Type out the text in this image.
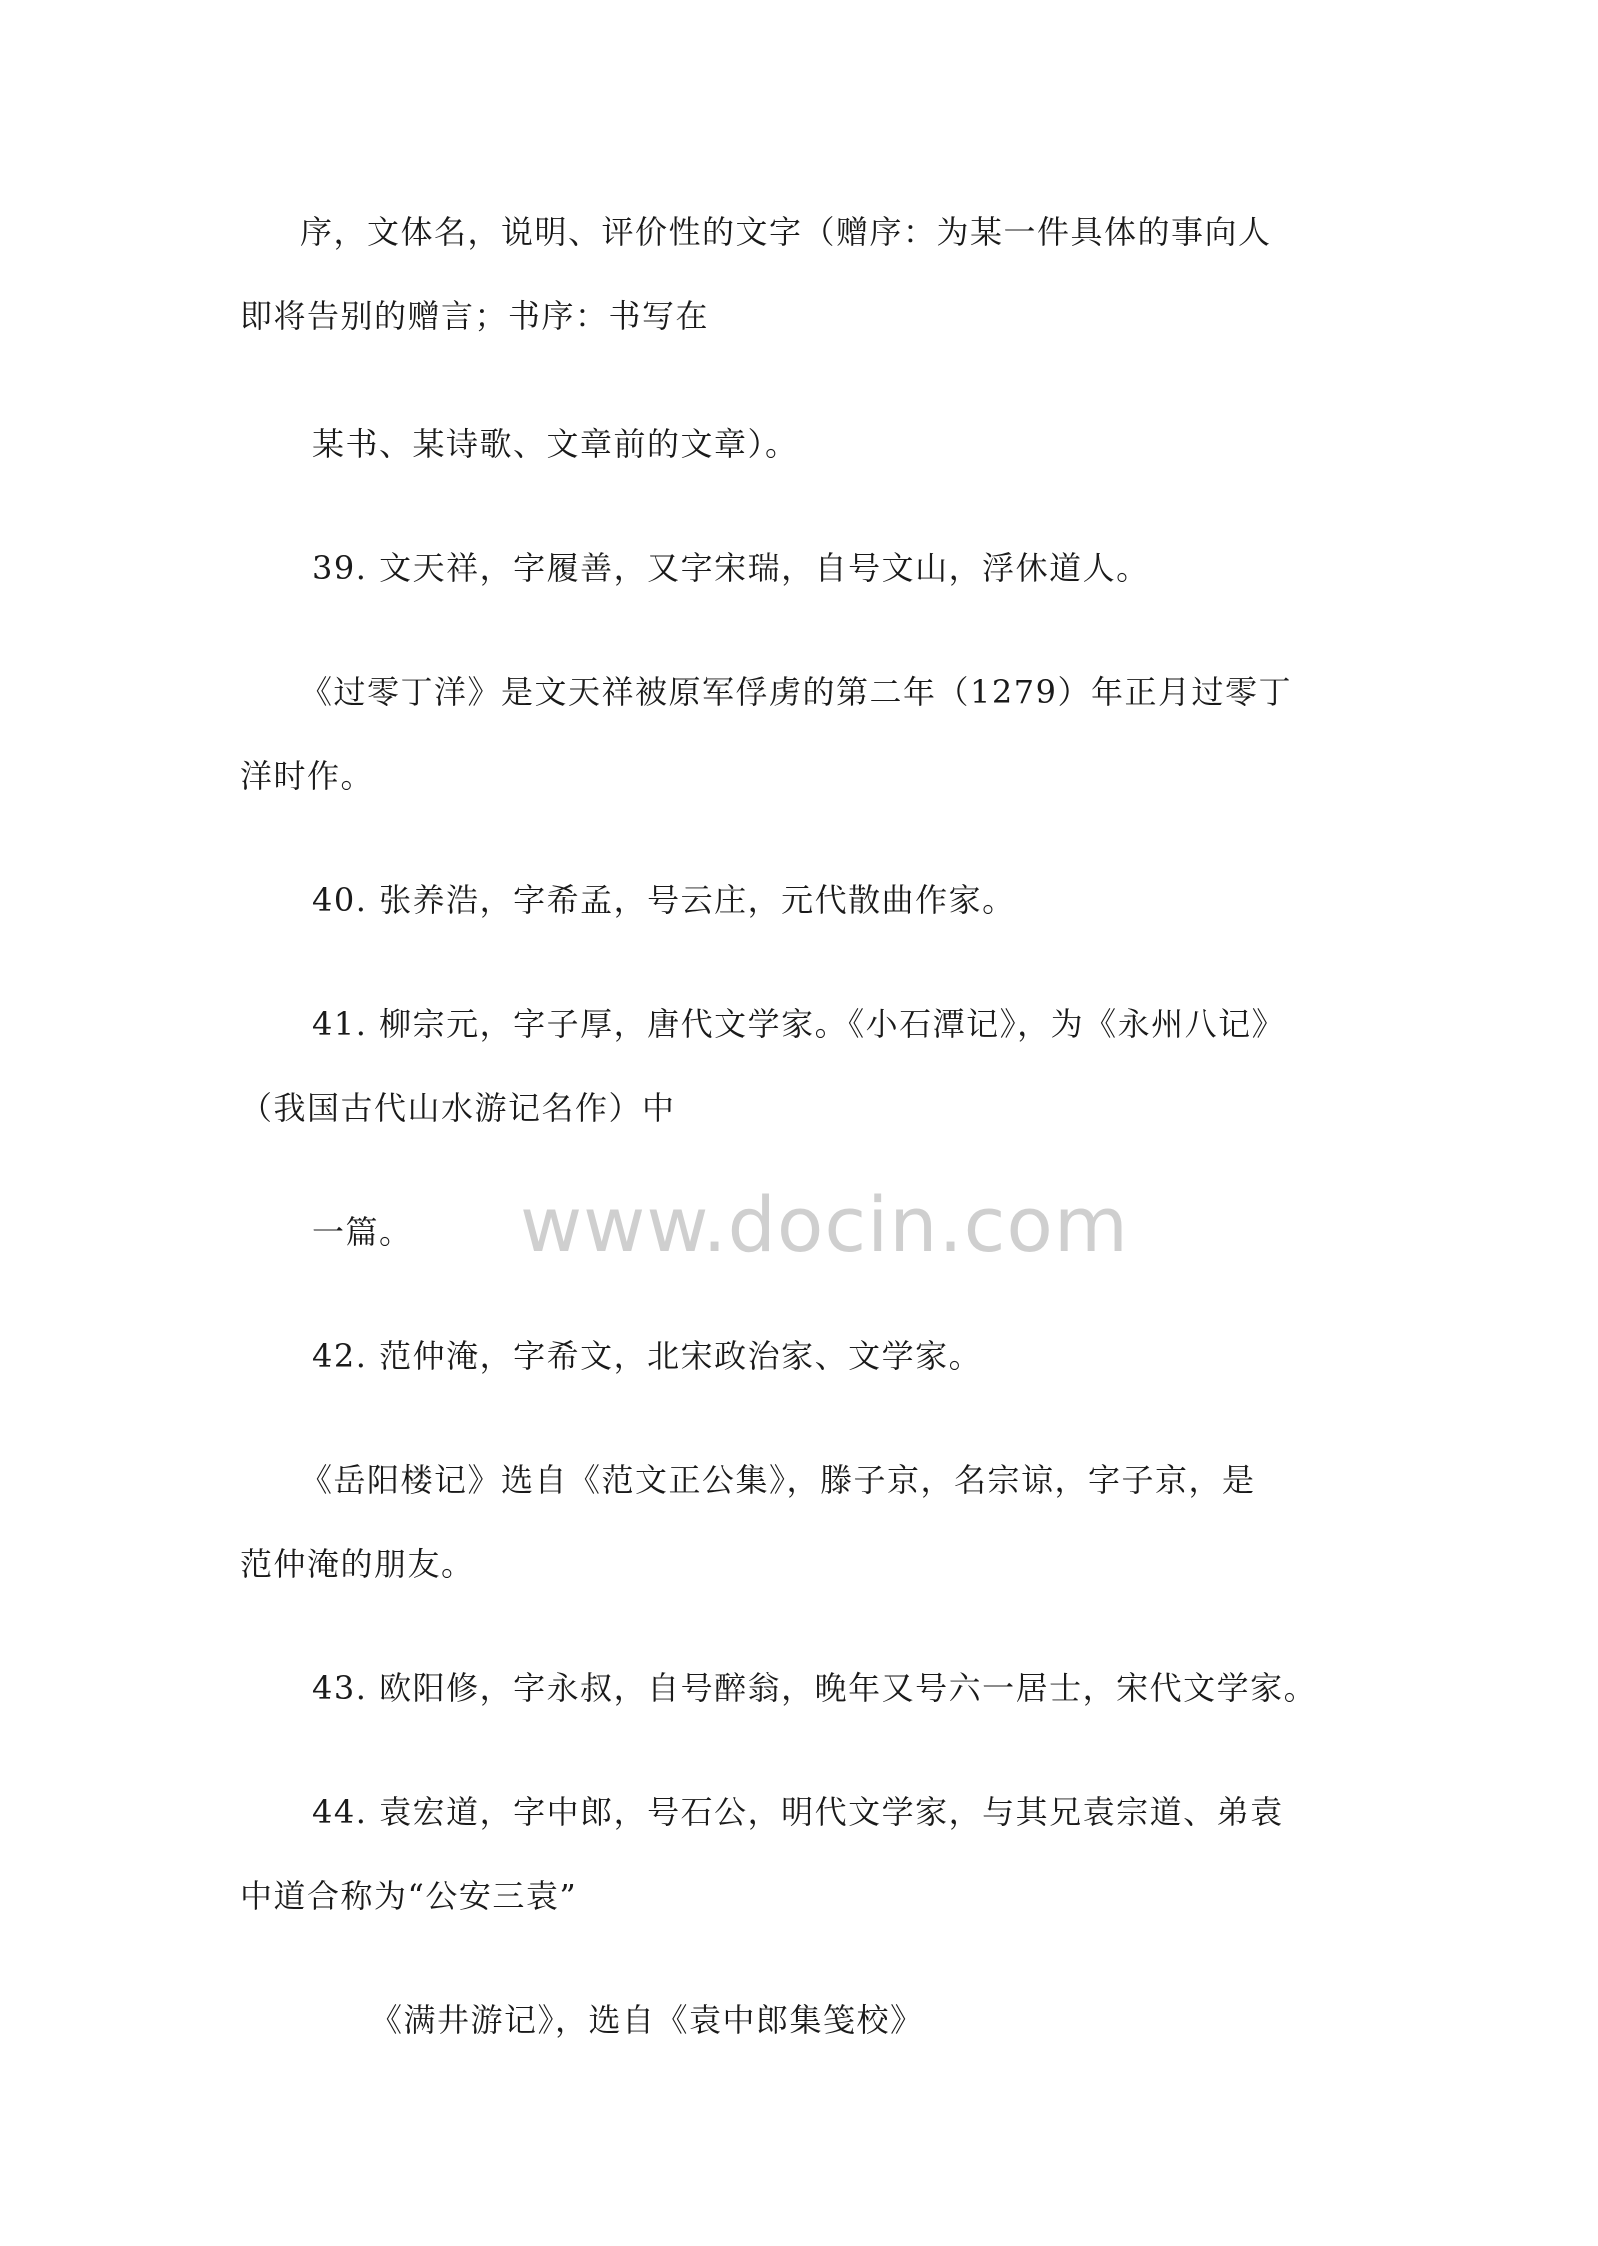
序，文体名，说明、评价性的文字（赠序：为某一件具体的事向人
即将告别的赠言；书序：书写在
某书、某诗歌、文章前的文章）。
39. 文天祥，字履善，又字宋瑞，自号文山，浮休道人。
《过零丁洋》是文天祥被原军俘虏的第二年（1279）年正月过零丁
洋时作。
40. 张养浩，字希孟，号云庄，元代散曲作家。
41. 柳宗元，字子厚，唐代文学家。《小石潭记》，为《永州八记》
（我国古代山水游记名作）中
一篇。
42. 范仲淹，字希文，北宋政治家、文学家。
《岳阳楼记》选自《范文正公集》，滕子京，名宗谅，字子京，是
范仲淹的朋友。
43. 欧阳修，字永叔，自号醉翁，晚年又号六一居士，宋代文学家。
44. 袁宏道，字中郎，号石公，明代文学家，与其兄袁宗道、弟袁
中道合称为“公安三袁”
《满井游记》，选自《袁中郎集笺校》
www.docin.com
